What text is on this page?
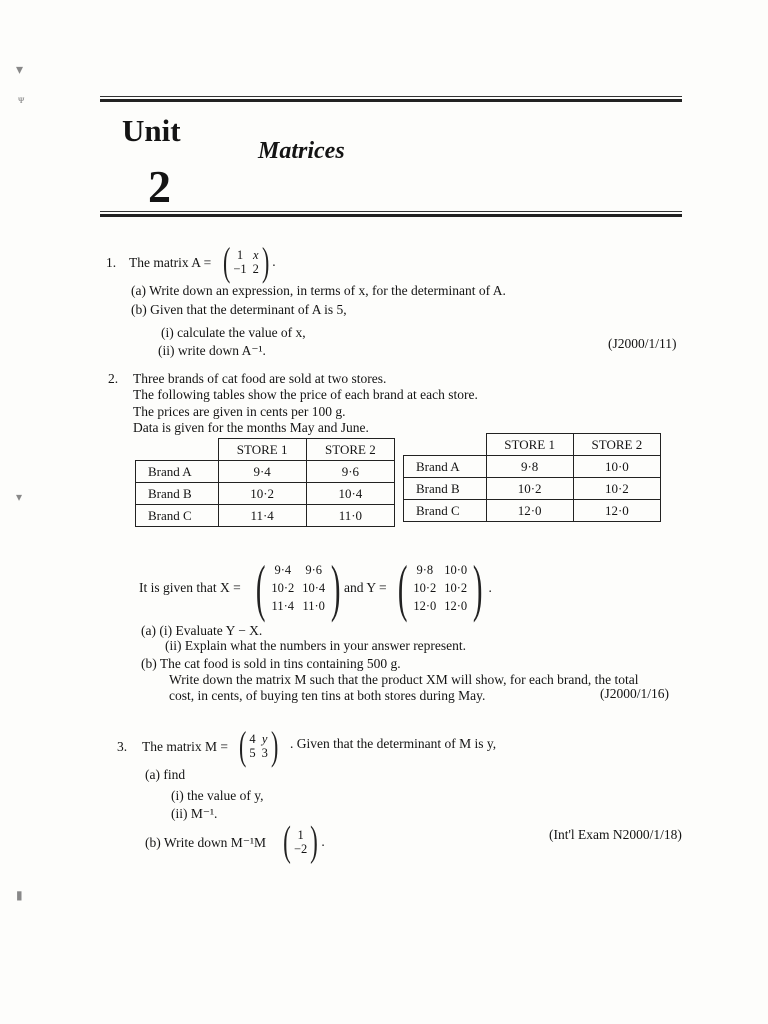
▾
ᴪ
▾
▮
Unit
2
Matrices
1. The matrix A = ( 1 x
−1 2 ) .
(a) Write down an expression, in terms of x, for the determinant of A.
(b) Given that the determinant of A is 5,
(i) calculate the value of x,
(ii) write down A⁻¹.	(J2000/1/11)
2. Three brands of cat food are sold at two stores.
The following tables show the price of each brand at each store.
The prices are given in cents per 100 g.
Data is given for the months May and June.
	STORE 1	STORE 2
Brand A	9·4	9·6
Brand B	10·2	10·4
Brand C	11·4	11·0
	STORE 1	STORE 2
Brand A	9·8	10·0
Brand B	10·2	10·2
Brand C	12·0	12·0
It is given that X = ( 9·4 9·6
10·2 10·4
11·4 11·0 ) and Y = ( 9·8 10·0
10·2 10·2
12·0 12·0 ) .
(a) (i) Evaluate Y − X.
(ii) Explain what the numbers in your answer represent.
(b) The cat food is sold in tins containing 500 g.
Write down the matrix M such that the product XM will show, for each brand, the total
cost, in cents, of buying ten tins at both stores during May.	(J2000/1/16)
3. The matrix M = ( 4 y
5 3 ) . Given that the determinant of M is y,
(a) find
(i) the value of y,
(ii) M⁻¹.
(b) Write down M⁻¹M ( 1
−2 ) .	(Int'l Exam N2000/1/18)
